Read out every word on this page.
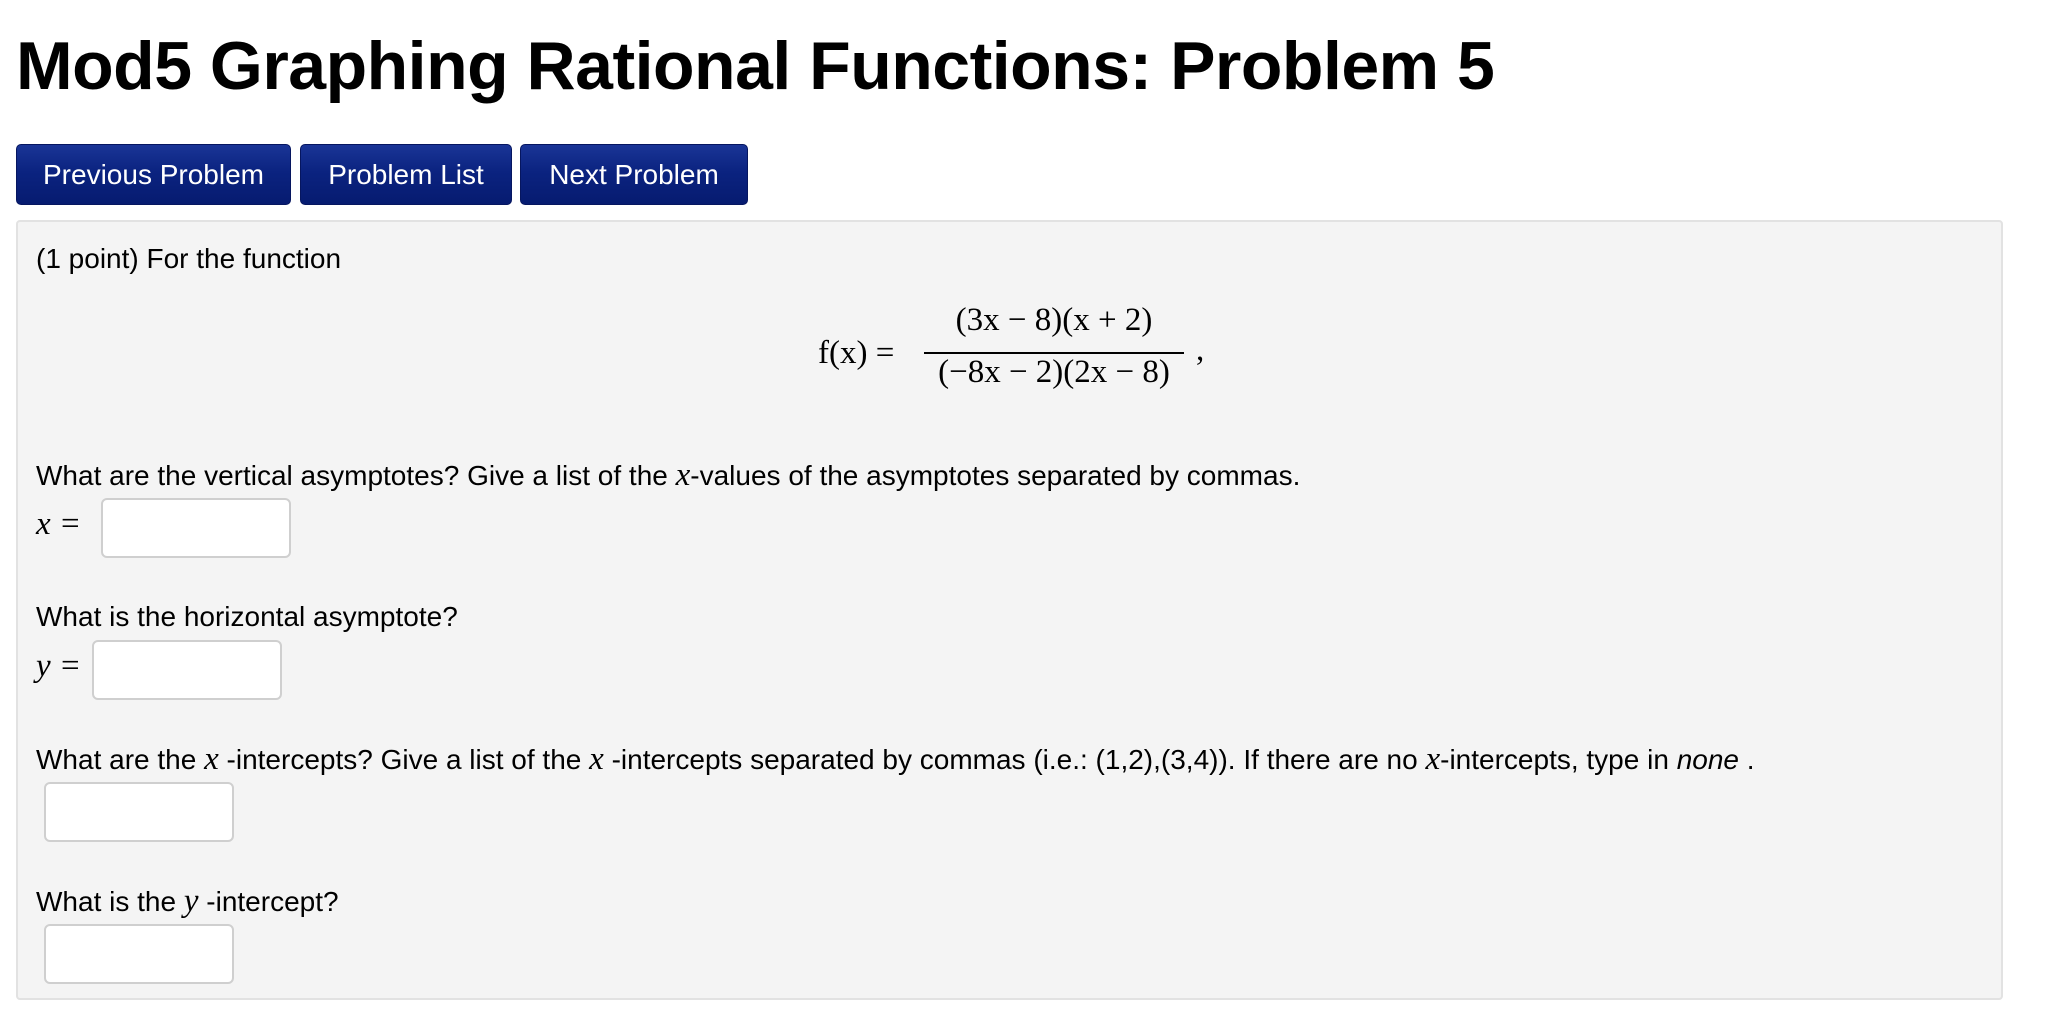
Mod5 Graphing Rational Functions: Problem 5
Previous Problem	Problem List	Next Problem
(1 point) For the function
f(x) =
(3x − 8)(x + 2)
(−8x − 2)(2x − 8)
,
What are the vertical asymptotes? Give a list of the x-values of the asymptotes separated by commas.
x =
What is the horizontal asymptote?
y =
What are the x -intercepts? Give a list of the x -intercepts separated by commas (i.e.: (1,2),(3,4)). If there are no x-intercepts, type in none .
What is the y -intercept?
